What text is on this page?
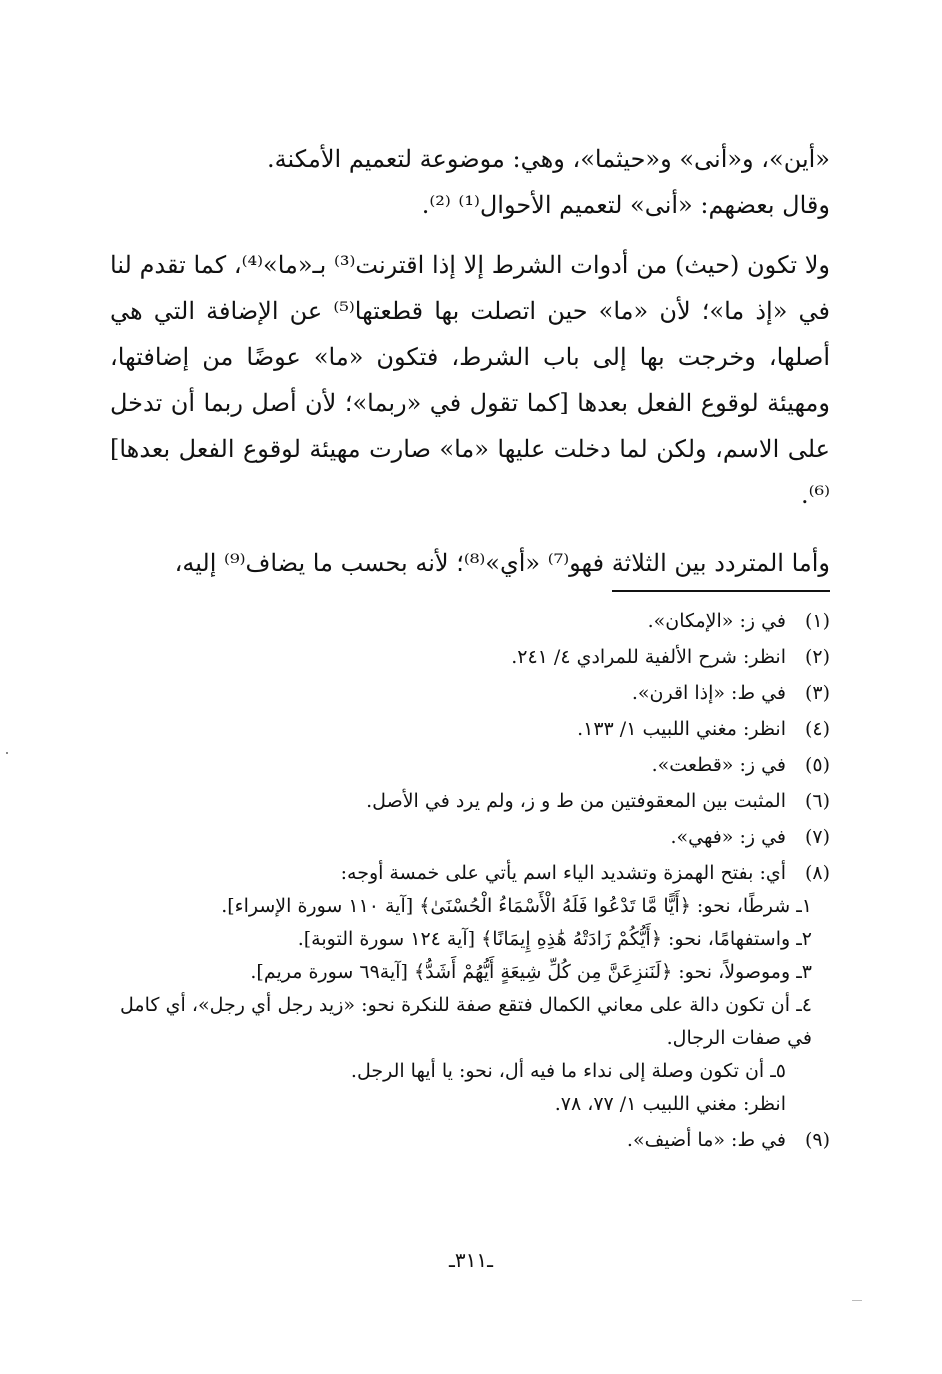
«أين»، و«أنى» و«حيثما»، وهي: موضوعة لتعميم الأمكنة.

وقال بعضهم: «أنى» لتعميم الأحوال⁽¹⁾ ⁽²⁾.

ولا تكون (حيث) من أدوات الشرط إلا إذا اقترنت⁽³⁾ بـ«ما»⁽⁴⁾، كما تقدم لنا في «إذ ما»؛ لأن «ما» حين اتصلت بها قطعتها⁽⁵⁾ عن الإضافة التي هي أصلها، وخرجت بها إلى باب الشرط، فتكون «ما» عوضًا من إضافتها، ومهيئة لوقوع الفعل بعدها [كما تقول في «ربما»؛ لأن أصل ربما أن تدخل على الاسم، ولكن لما دخلت عليها «ما» صارت مهيئة لوقوع الفعل بعدها]⁽⁶⁾.

وأما المتردد بين الثلاثة فهو⁽⁷⁾ «أي»⁽⁸⁾؛ لأنه بحسب ما يضاف⁽⁹⁾ إليه،

(١)
في ز: «الإمكان».
(٢)
انظر: شرح الألفية للمرادي ٤/ ٢٤١.
(٣)
في ط: «إذا اقرن».
(٤)
انظر: مغني اللبيب ١/ ١٣٣.
(٥)
في ز: «قطعت».
(٦)
المثبت بين المعقوفتين من ط و ز، ولم يرد في الأصل.
(٧)
في ز: «فهي».
(٨)
أي: بفتح الهمزة وتشديد الياء اسم يأتي على خمسة أوجه:
١ـ شرطًا، نحو: ﴿أَيًّا مَّا تَدْعُوا فَلَهُ الْأَسْمَاءُ الْحُسْنَىٰ﴾ [آية ١١٠ سورة الإسراء].
٢ـ واستفهامًا، نحو: ﴿أَيُّكُمْ زَادَتْهُ هَٰذِهِ إِيمَانًا﴾ [آية ١٢٤ سورة التوبة].
٣ـ وموصولاً، نحو: ﴿لَنَنزِعَنَّ مِن كُلِّ شِيعَةٍ أَيُّهُمْ أَشَدُّ﴾ [آية٦٩ سورة مريم].
٤ـ أن تكون دالة على معاني الكمال فتقع صفة للنكرة نحو: «زيد رجل أي رجل»، أي كامل في صفات الرجال.
٥ـ أن تكون وصلة إلى نداء ما فيه أل، نحو: يا أيها الرجل.
انظر: مغني اللبيب ١/ ٧٧، ٧٨.
(٩)
في ط: «ما أضيف».
ـ٣١١ـ
